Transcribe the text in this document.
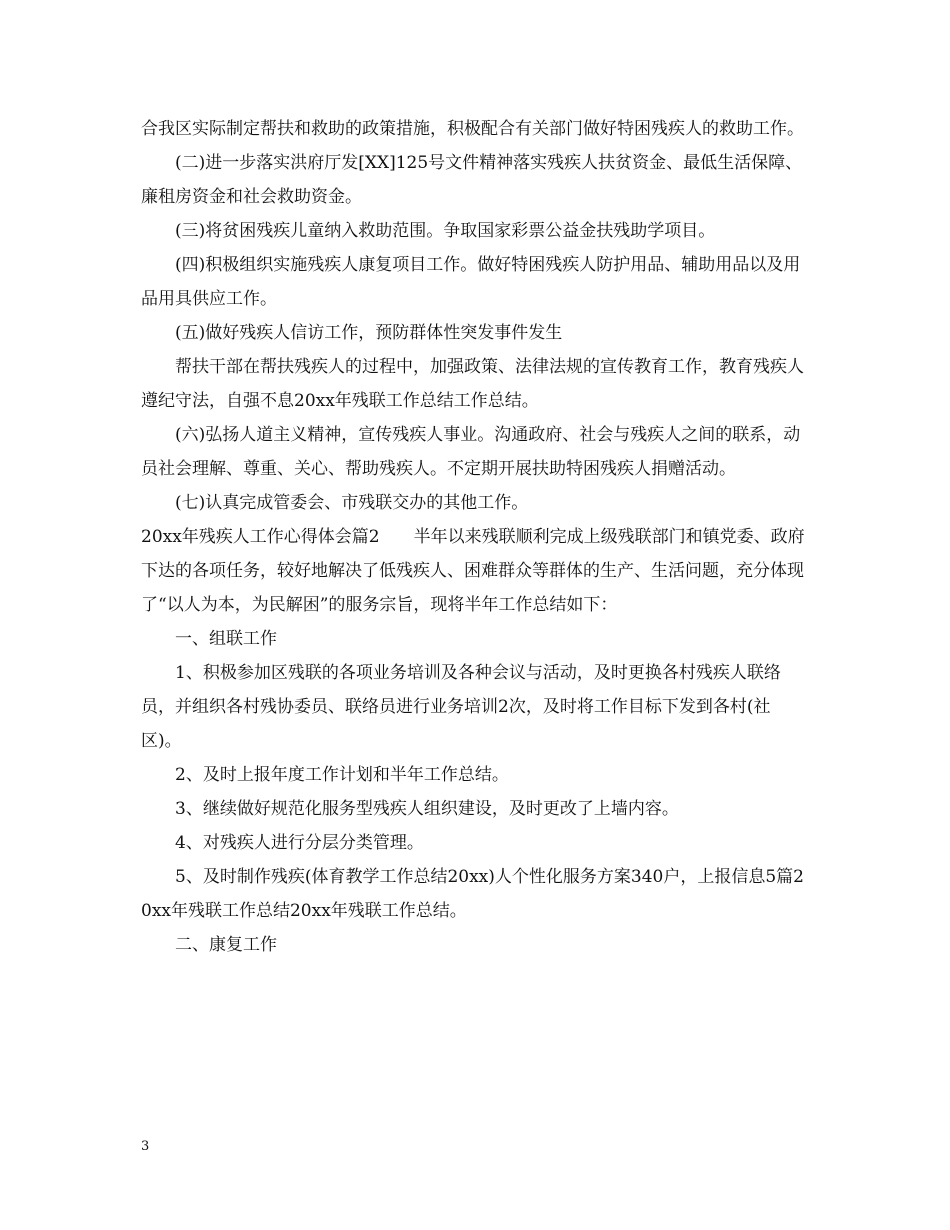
合我区实际制定帮扶和救助的政策措施，积极配合有关部门做好特困残疾人的救助工作。

(二)进一步落实洪府厅发[XX]125号文件精神落实残疾人扶贫资金、最低生活保障、廉租房资金和社会救助资金。

(三)将贫困残疾儿童纳入救助范围。争取国家彩票公益金扶残助学项目。

(四)积极组织实施残疾人康复项目工作。做好特困残疾人防护用品、辅助用品以及用品用具供应工作。

(五)做好残疾人信访工作，预防群体性突发事件发生

帮扶干部在帮扶残疾人的过程中，加强政策、法律法规的宣传教育工作，教育残疾人遵纪守法，自强不息20xx年残联工作总结工作总结。

(六)弘扬人道主义精神，宣传残疾人事业。沟通政府、社会与残疾人之间的联系，动员社会理解、尊重、关心、帮助残疾人。不定期开展扶助特困残疾人捐赠活动。

(七)认真完成管委会、市残联交办的其他工作。

20xx年残疾人工作心得体会篇2　　半年以来残联顺利完成上级残联部门和镇党委、政府下达的各项任务，较好地解决了低残疾人、困难群众等群体的生产、生活问题，充分体现了“以人为本，为民解困”的服务宗旨，现将半年工作总结如下：

一、组联工作

1、积极参加区残联的各项业务培训及各种会议与活动，及时更换各村残疾人联络员，并组织各村残协委员、联络员进行业务培训2次，及时将工作目标下发到各村(社区)。

2、及时上报年度工作计划和半年工作总结。

3、继续做好规范化服务型残疾人组织建设，及时更改了上墙内容。

4、对残疾人进行分层分类管理。

5、及时制作残疾(体育教学工作总结20xx)人个性化服务方案340户，上报信息5篇20xx年残联工作总结20xx年残联工作总结。

二、康复工作

3
